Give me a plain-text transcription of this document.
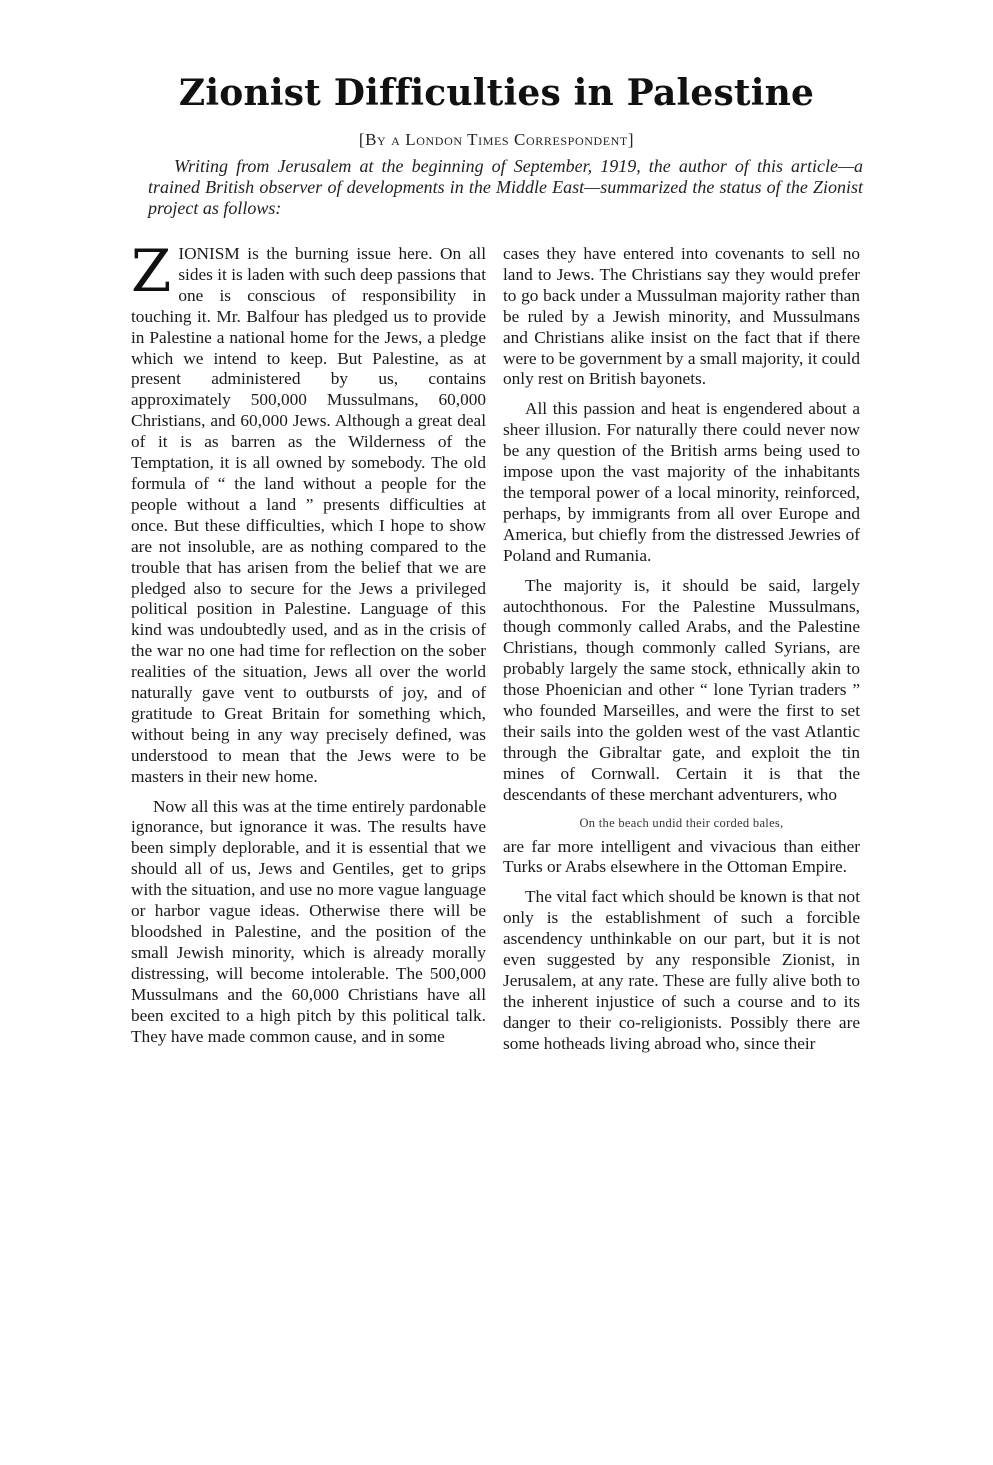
Zionist Difficulties in Palestine
[By a London Times Correspondent]

Writing from Jerusalem at the beginning of September, 1919, the author of this article—a trained British observer of developments in the Middle East—summarized the status of the Zionist project as follows:

ZIONISM is the burning issue here. On all sides it is laden with such deep passions that one is conscious of responsibility in touching it. Mr. Balfour has pledged us to provide in Palestine a national home for the Jews, a pledge which we intend to keep. But Palestine, as at present administered by us, contains approximately 500,000 Mussulmans, 60,000 Christians, and 60,000 Jews. Although a great deal of it is as barren as the Wilderness of the Temptation, it is all owned by somebody. The old formula of “ the land without a people for the people without a land ” presents difficulties at once. But these difficulties, which I hope to show are not insoluble, are as nothing compared to the trouble that has arisen from the belief that we are pledged also to secure for the Jews a privileged political position in Palestine. Language of this kind was undoubtedly used, and as in the crisis of the war no one had time for reflection on the sober realities of the situation, Jews all over the world naturally gave vent to outbursts of joy, and of gratitude to Great Britain for something which, without being in any way precisely defined, was understood to mean that the Jews were to be masters in their new home.

Now all this was at the time entirely pardonable ignorance, but ignorance it was. The results have been simply deplorable, and it is essential that we should all of us, Jews and Gentiles, get to grips with the situation, and use no more vague language or harbor vague ideas. Otherwise there will be bloodshed in Palestine, and the position of the small Jewish minority, which is already morally distressing, will become intolerable. The 500,000 Mussulmans and the 60,000 Christians have all been excited to a high pitch by this political talk. They have made common cause, and in some

cases they have entered into covenants to sell no land to Jews. The Christians say they would prefer to go back under a Mussulman majority rather than be ruled by a Jewish minority, and Mussulmans and Christians alike insist on the fact that if there were to be government by a small majority, it could only rest on British bayonets.

All this passion and heat is engendered about a sheer illusion. For naturally there could never now be any question of the British arms being used to impose upon the vast majority of the inhabitants the temporal power of a local minority, reinforced, perhaps, by immigrants from all over Europe and America, but chiefly from the distressed Jewries of Poland and Rumania.

The majority is, it should be said, largely autochthonous. For the Palestine Mussulmans, though commonly called Arabs, and the Palestine Christians, though commonly called Syrians, are probably largely the same stock, ethnically akin to those Phoenician and other “ lone Tyrian traders ” who founded Marseilles, and were the first to set their sails into the golden west of the vast Atlantic through the Gibraltar gate, and exploit the tin mines of Cornwall. Certain it is that the descendants of these merchant adventurers, who

On the beach undid their corded bales,

are far more intelligent and vivacious than either Turks or Arabs elsewhere in the Ottoman Empire.

The vital fact which should be known is that not only is the establishment of such a forcible ascendency unthinkable on our part, but it is not even suggested by any responsible Zionist, in Jerusalem, at any rate. These are fully alive both to the inherent injustice of such a course and to its danger to their co-religionists. Possibly there are some hotheads living abroad who, since their
